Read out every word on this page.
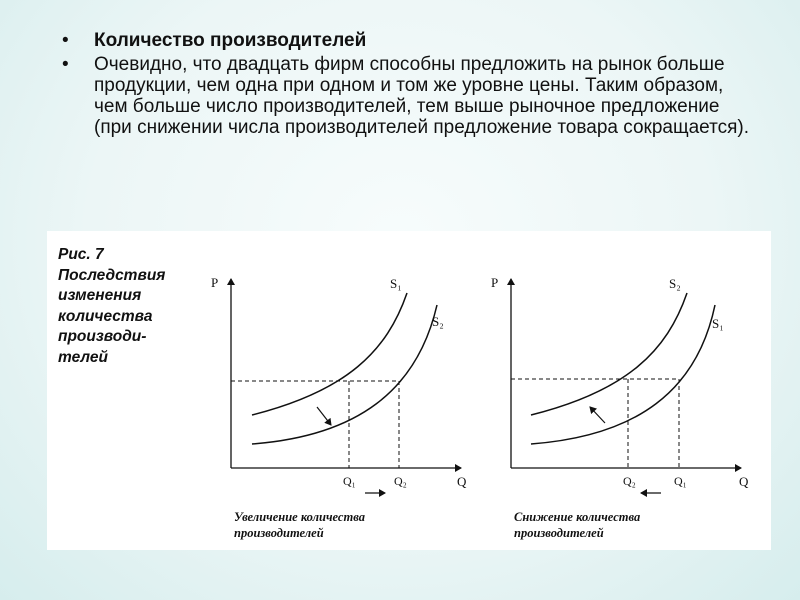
•	Количество производителей
•	Очевидно, что двадцать фирм способны предложить на рынок больше продукции, чем одна при одном и том же уровне цены. Таким образом, чем больше число производителей, тем выше рыночное предложение (при снижении числа производителей предложение товара сокращается).

Рис. 7
Последствия
изменения
количества
производи-
телей

P
Q
S₁
S₂
Q₁	Q₂
Увеличение количества
производителей
P
Q
S₂
S₁
Q₂	Q₁
Снижение количества
производителей
